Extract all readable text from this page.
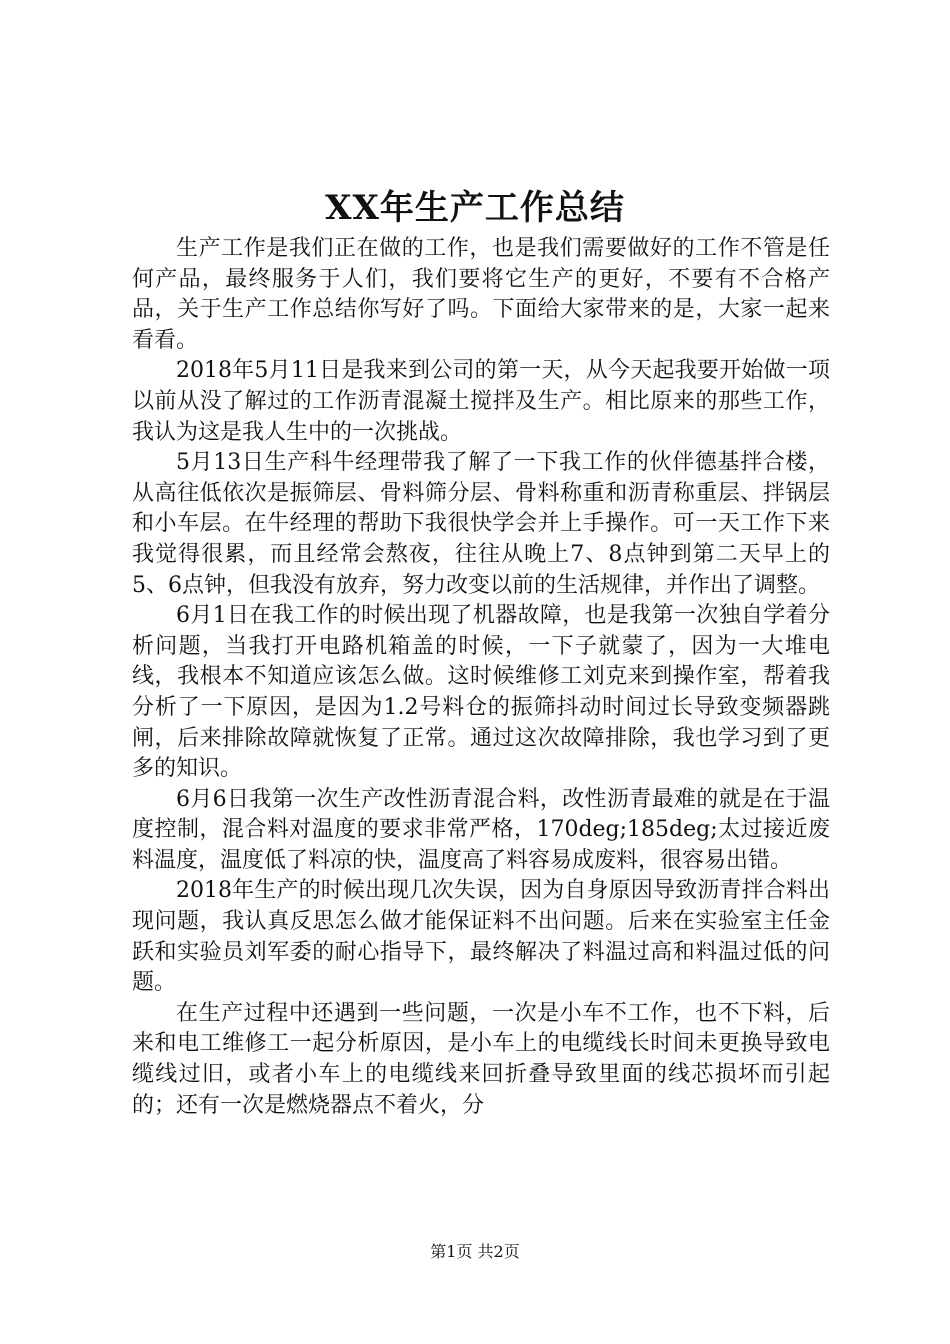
XX年生产工作总结

生产工作是我们正在做的工作，也是我们需要做好的工作不管是任何产品，最终服务于人们，我们要将它生产的更好，不要有不合格产品，关于生产工作总结你写好了吗。下面给大家带来的是，大家一起来看看。

2018年5月11日是我来到公司的第一天，从今天起我要开始做一项以前从没了解过的工作沥青混凝土搅拌及生产。相比原来的那些工作，我认为这是我人生中的一次挑战。

5月13日生产科牛经理带我了解了一下我工作的伙伴德基拌合楼，从高往低依次是振筛层、骨料筛分层、骨料称重和沥青称重层、拌锅层和小车层。在牛经理的帮助下我很快学会并上手操作。可一天工作下来我觉得很累，而且经常会熬夜，往往从晚上7、8点钟到第二天早上的5、6点钟，但我没有放弃，努力改变以前的生活规律，并作出了调整。

6月1日在我工作的时候出现了机器故障，也是我第一次独自学着分析问题，当我打开电路机箱盖的时候，一下子就蒙了，因为一大堆电线，我根本不知道应该怎么做。这时候维修工刘克来到操作室，帮着我分析了一下原因，是因为1.2号料仓的振筛抖动时间过长导致变频器跳闸，后来排除故障就恢复了正常。通过这次故障排除，我也学习到了更多的知识。

6月6日我第一次生产改性沥青混合料，改性沥青最难的就是在于温度控制，混合料对温度的要求非常严格，170deg;185deg;太过接近废料温度，温度低了料凉的快，温度高了料容易成废料，很容易出错。

2018年生产的时候出现几次失误，因为自身原因导致沥青拌合料出现问题，我认真反思怎么做才能保证料不出问题。后来在实验室主任金跃和实验员刘军委的耐心指导下，最终解决了料温过高和料温过低的问题。

在生产过程中还遇到一些问题，一次是小车不工作，也不下料，后来和电工维修工一起分析原因，是小车上的电缆线长时间未更换导致电缆线过旧，或者小车上的电缆线来回折叠导致里面的线芯损坏而引起的；还有一次是燃烧器点不着火，分

第1页 共2页
